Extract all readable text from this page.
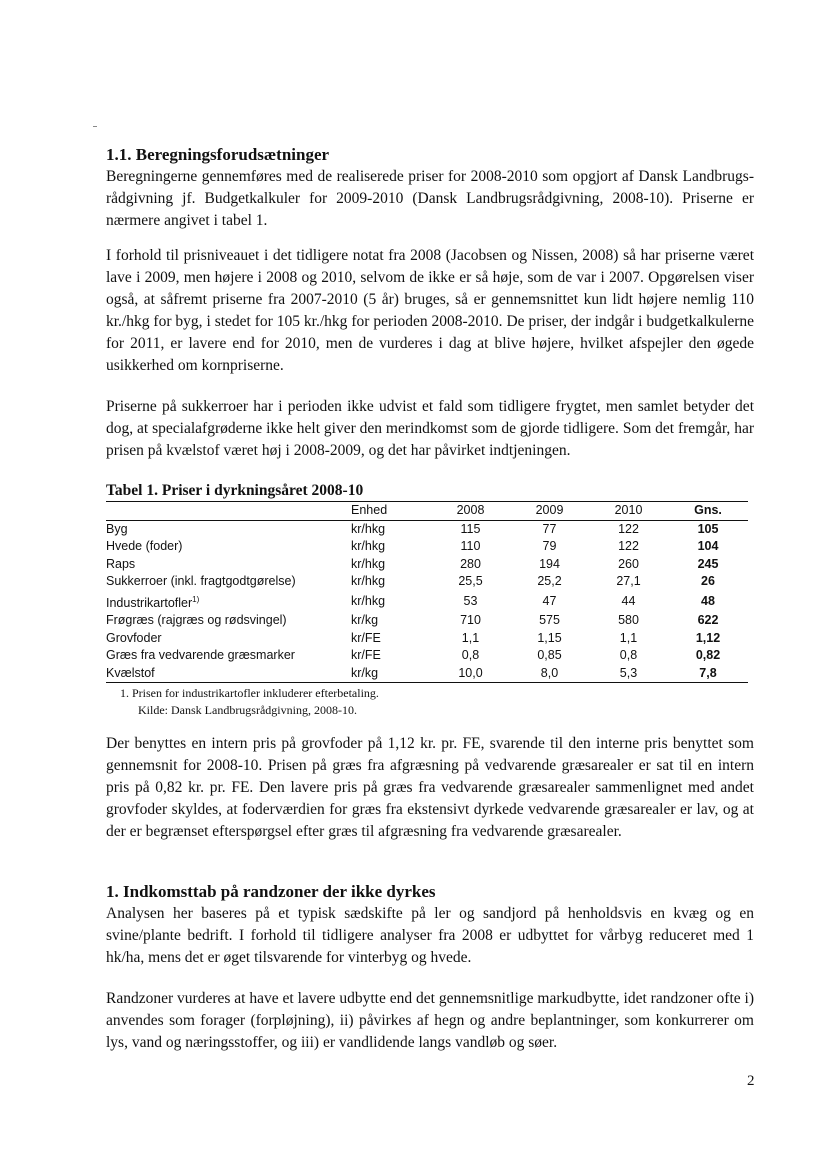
1.1. Beregningsforudsætninger

Beregningerne gennemføres med de realiserede priser for 2008-2010 som opgjort af Dansk Landbrugs-rådgivning jf. Budgetkalkuler for 2009-2010 (Dansk Landbrugsrådgivning, 2008-10). Priserne er nærmere angivet i tabel 1.

I forhold til prisniveauet i det tidligere notat fra 2008 (Jacobsen og Nissen, 2008) så har priserne været lave i 2009, men højere i 2008 og 2010, selvom de ikke er så høje, som de var i 2007. Opgørelsen viser også, at såfremt priserne fra 2007-2010 (5 år) bruges, så er gennemsnittet kun lidt højere nemlig 110 kr./hkg for byg, i stedet for 105 kr./hkg for perioden 2008-2010. De priser, der indgår i budgetkalkulerne for 2011, er lavere end for 2010, men de vurderes i dag at blive højere, hvilket afspejler den øgede usikkerhed om kornpriserne.

Priserne på sukkerroer har i perioden ikke udvist et fald som tidligere frygtet, men samlet betyder det dog, at specialafgrøderne ikke helt giver den merindkomst som de gjorde tidligere. Som det fremgår, har prisen på kvælstof været høj i 2008-2009, og det har påvirket indtjeningen.

Tabel 1. Priser i dyrkningsåret 2008-10
	Enhed	2008	2009	2010	Gns.
Byg	kr/hkg	115	77	122	105
Hvede (foder)	kr/hkg	110	79	122	104
Raps	kr/hkg	280	194	260	245
Sukkerroer (inkl. fragtgodtgørelse)	kr/hkg	25,5	25,2	27,1	26
Industrikartofler$^{1)}$	kr/hkg	53	47	44	48
Frøgræs (rajgræs og rødsvingel)	kr/kg	710	575	580	622
Grovfoder	kr/FE	1,1	1,15	1,1	1,12
Græs fra vedvarende græsmarker	kr/FE	0,8	0,85	0,8	0,82
Kvælstof	kr/kg	10,0	8,0	5,3	7,8
1. Prisen for industrikartofler inkluderer efterbetaling.
Kilde: Dansk Landbrugsrådgivning, 2008-10.

Der benyttes en intern pris på grovfoder på 1,12 kr. pr. FE, svarende til den interne pris benyttet som gennemsnit for 2008-10. Prisen på græs fra afgræsning på vedvarende græsarealer er sat til en intern pris på 0,82 kr. pr. FE. Den lavere pris på græs fra vedvarende græsarealer sammenlignet med andet grovfoder skyldes, at foderværdien for græs fra ekstensivt dyrkede vedvarende græsarealer er lav, og at der er begrænset efterspørgsel efter græs til afgræsning fra vedvarende græsarealer.

1. Indkomsttab på randzoner der ikke dyrkes

Analysen her baseres på et typisk sædskifte på ler og sandjord på henholdsvis en kvæg og en svine/plante bedrift. I forhold til tidligere analyser fra 2008 er udbyttet for vårbyg reduceret med 1 hk/ha, mens det er øget tilsvarende for vinterbyg og hvede.

Randzoner vurderes at have et lavere udbytte end det gennemsnitlige markudbytte, idet randzoner ofte i) anvendes som forager (forpløjning), ii) påvirkes af hegn og andre beplantninger, som konkurrerer om lys, vand og næringsstoffer, og iii) er vandlidende langs vandløb og søer.

2
